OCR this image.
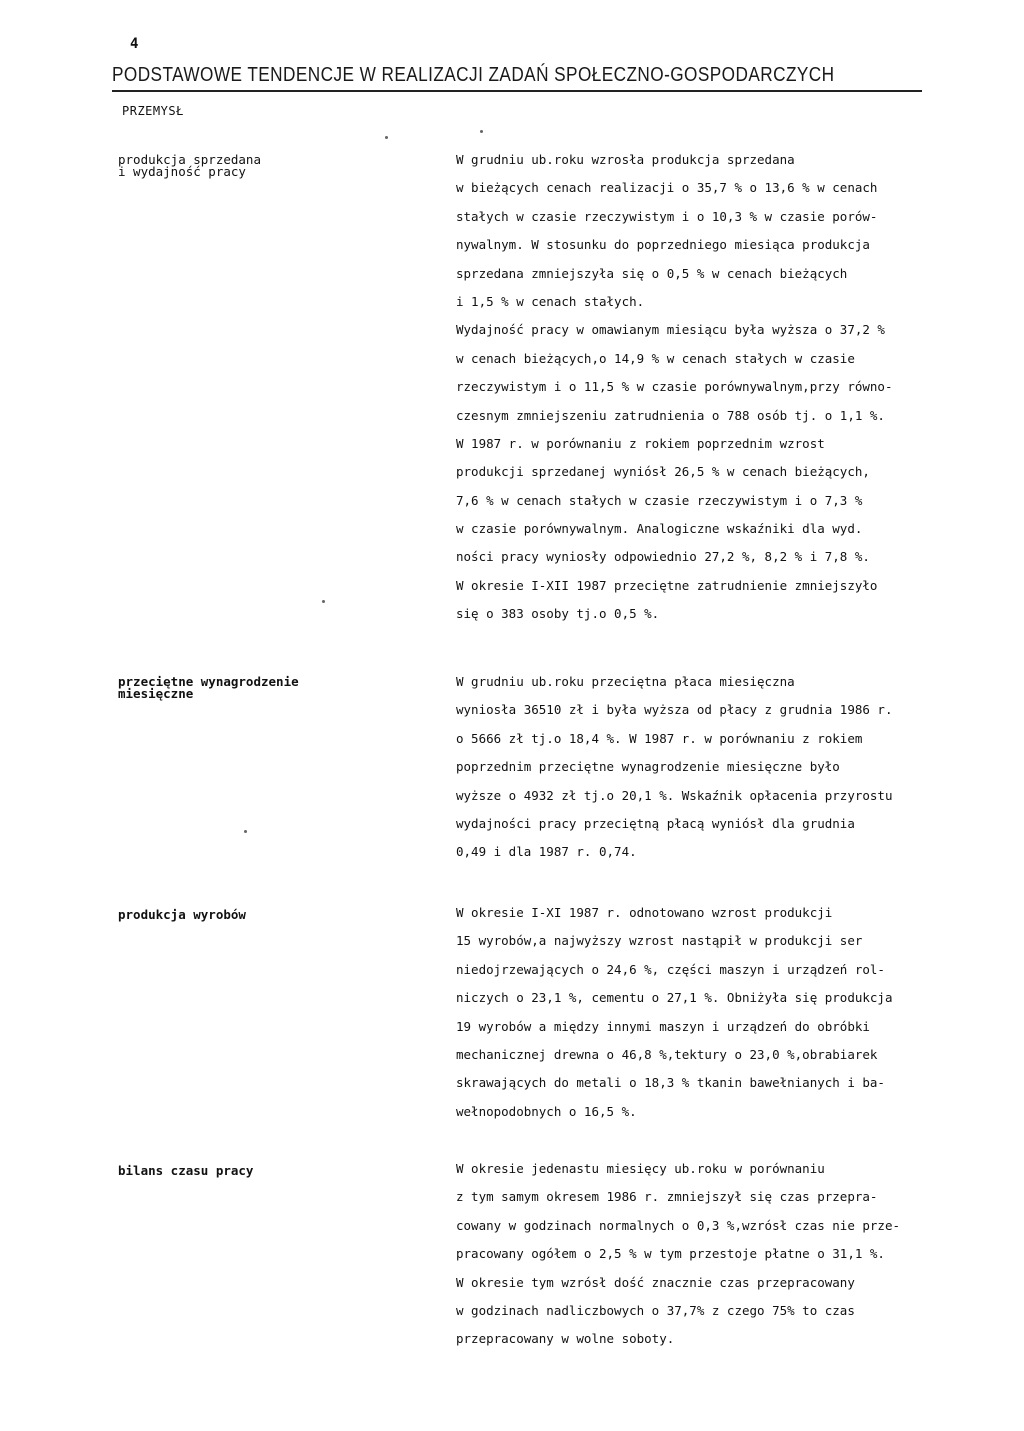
4
PODSTAWOWE TENDENCJE W REALIZACJI ZADAŃ SPOŁECZNO-GOSPODARCZYCH
PRZEMYSŁ
produkcja sprzedana
i wydajność pracy
W grudniu ub.roku wzrosła produkcja sprzedana
w bieżących cenach realizacji o 35,7 % o 13,6 % w cenach
stałych w czasie rzeczywistym i o 10,3 % w czasie porów-
nywalnym. W stosunku do poprzedniego miesiąca produkcja
sprzedana zmniejszyła się o 0,5 % w cenach bieżących
i 1,5 % w cenach stałych.
Wydajność pracy w omawianym miesiącu była wyższa o 37,2 %
w cenach bieżących,o 14,9 % w cenach stałych w czasie
rzeczywistym i o 11,5 % w czasie porównywalnym,przy równo-
czesnym zmniejszeniu zatrudnienia o 788 osób tj. o 1,1 %.
W 1987 r. w porównaniu z rokiem poprzednim wzrost
produkcji sprzedanej wyniósł 26,5 % w cenach bieżących,
7,6 % w cenach stałych w czasie rzeczywistym i o 7,3 %
w czasie porównywalnym. Analogiczne wskaźniki dla wyd.
ności pracy wyniosły odpowiednio 27,2 %, 8,2 % i 7,8 %.
W okresie I-XII 1987 przeciętne zatrudnienie zmniejszyło
się o 383 osoby tj.o 0,5 %.
przeciętne wynagrodzenie
miesięczne
W grudniu ub.roku przeciętna płaca miesięczna
wyniosła 36510 zł i była wyższa od płacy z grudnia 1986 r.
o 5666 zł tj.o 18,4 %. W 1987 r. w porównaniu z rokiem
poprzednim przeciętne wynagrodzenie miesięczne było
wyższe o 4932 zł tj.o 20,1 %. Wskaźnik opłacenia przyrostu
wydajności pracy przeciętną płacą wyniósł dla grudnia
0,49 i dla 1987 r. 0,74.
produkcja wyrobów	W okresie I-XI 1987 r. odnotowano wzrost produkcji
15 wyrobów,a najwyższy wzrost nastąpił w produkcji ser
niedojrzewających o 24,6 %, części maszyn i urządzeń rol-
niczych o 23,1 %, cementu o 27,1 %. Obniżyła się produkcja
19 wyrobów a między innymi maszyn i urządzeń do obróbki
mechanicznej drewna o 46,8 %,tektury o 23,0 %,obrabiarek
skrawających do metali o 18,3 % tkanin bawełnianych i ba-
wełnopodobnych o 16,5 %.
bilans czasu pracy	W okresie jedenastu miesięcy ub.roku w porównaniu
z tym samym okresem 1986 r. zmniejszył się czas przepra-
cowany w godzinach normalnych o 0,3 %,wzrósł czas nie prze-
pracowany ogółem o 2,5 % w tym przestoje płatne o 31,1 %.
W okresie tym wzrósł dość znacznie czas przepracowany
w godzinach nadliczbowych o 37,7% z czego 75% to czas
przepracowany w wolne soboty.
